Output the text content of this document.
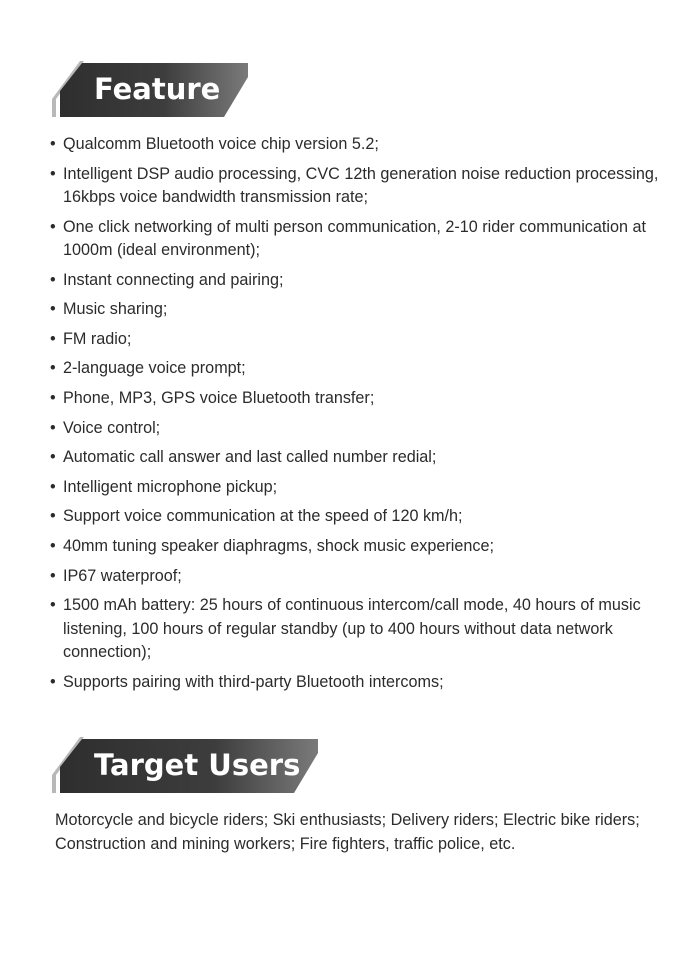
Feature
• Qualcomm Bluetooth voice chip version 5.2;
• Intelligent DSP audio processing, CVC 12th generation noise reduction processing, 16kbps voice bandwidth transmission rate;
• One click networking of multi person communication, 2-10 rider communication at 1000m (ideal environment);
• Instant connecting and pairing;
• Music sharing;
• FM radio;
• 2-language voice prompt;
• Phone, MP3, GPS voice Bluetooth transfer;
• Voice control;
• Automatic call answer and last called number redial;
• Intelligent microphone pickup;
• Support voice communication at the speed of 120 km/h;
• 40mm tuning speaker diaphragms, shock music experience;
• IP67 waterproof;
• 1500 mAh battery: 25 hours of continuous intercom/call mode, 40 hours of music listening, 100 hours of regular standby (up to 400 hours without data network connection);
• Supports pairing with third-party Bluetooth intercoms;
Target Users

Motorcycle and bicycle riders; Ski enthusiasts; Delivery riders; Electric bike riders; Construction and mining workers; Fire fighters, traffic police, etc.
